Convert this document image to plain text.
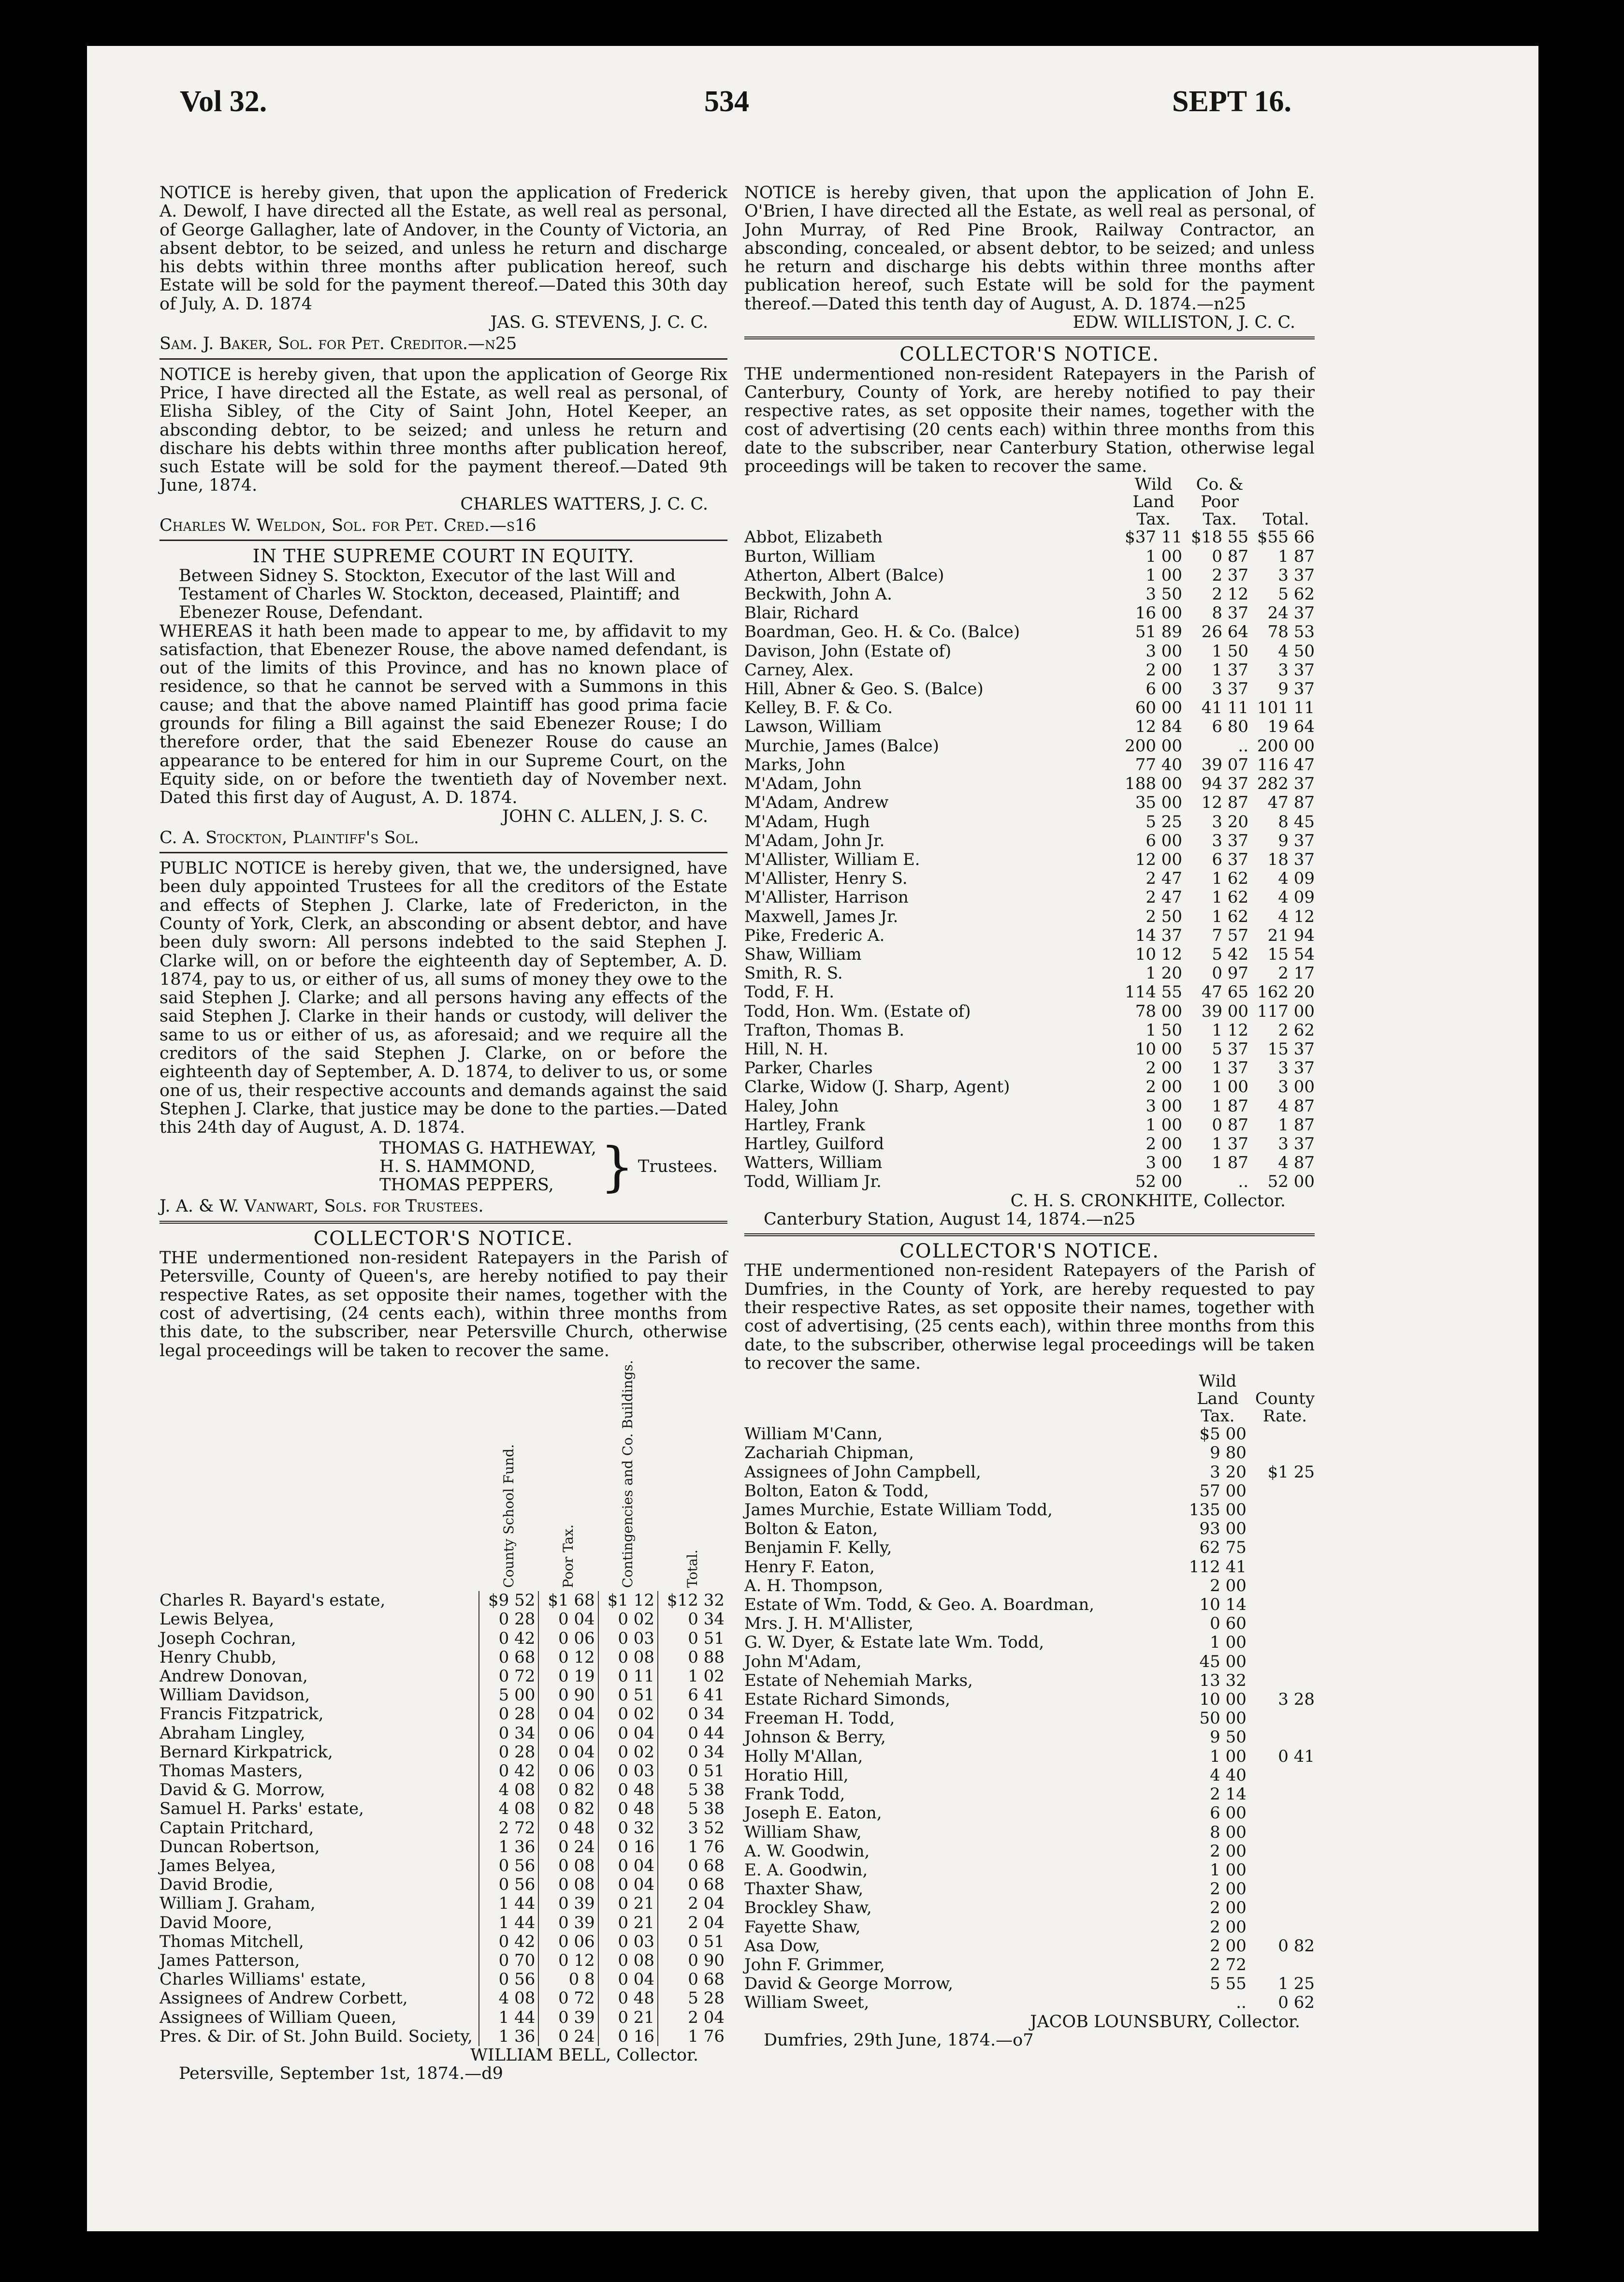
Vol 32.	534	SEPT 16.

NOTICE is hereby given, that upon the application of Frederick A. Dewolf, I have directed all the Estate, as well real as personal, of George Gallagher, late of Andover, in the County of Victoria, an absent debtor, to be seized, and unless he return and discharge his debts within three months after publication hereof, such Estate will be sold for the payment thereof.—Dated this 30th day of July, A. D. 1874

JAS. G. STEVENS, J. C. C.

Sam. J. Baker, Sol. for Pet. Creditor.—n25

NOTICE is hereby given, that upon the application of George Rix Price, I have directed all the Estate, as well real as personal, of Elisha Sibley, of the City of Saint John, Hotel Keeper, an absconding debtor, to be seized; and unless he return and dischare his debts within three months after publication hereof, such Estate will be sold for the payment thereof.—Dated 9th June, 1874.

CHARLES WATTERS, J. C. C.

Charles W. Weldon, Sol. for Pet. Cred.—s16

IN THE SUPREME COURT IN EQUITY.

Between Sidney S. Stockton, Executor of the last Will and Testament of Charles W. Stockton, deceased, Plaintiff; and Ebenezer Rouse, Defendant.

WHEREAS it hath been made to appear to me, by affidavit to my satisfaction, that Ebenezer Rouse, the above named defendant, is out of the limits of this Province, and has no known place of residence, so that he cannot be served with a Summons in this cause; and that the above named Plaintiff has good prima facie grounds for filing a Bill against the said Ebenezer Rouse; I do therefore order, that the said Ebenezer Rouse do cause an appearance to be entered for him in our Supreme Court, on the Equity side, on or before the twentieth day of November next. Dated this first day of August, A. D. 1874.

JOHN C. ALLEN, J. S. C.

C. A. Stockton, Plaintiff's Sol.

PUBLIC NOTICE is hereby given, that we, the undersigned, have been duly appointed Trustees for all the creditors of the Estate and effects of Stephen J. Clarke, late of Fredericton, in the County of York, Clerk, an absconding or absent debtor, and have been duly sworn: All persons indebted to the said Stephen J. Clarke will, on or before the eighteenth day of September, A. D. 1874, pay to us, or either of us, all sums of money they owe to the said Stephen J. Clarke; and all persons having any effects of the said Stephen J. Clarke in their hands or custody, will deliver the same to us or either of us, as aforesaid; and we require all the creditors of the said Stephen J. Clarke, on or before the eighteenth day of September, A. D. 1874, to deliver to us, or some one of us, their respective accounts and demands against the said Stephen J. Clarke, that justice may be done to the parties.—Dated this 24th day of August, A. D. 1874.

THOMAS G. HATHEWAY,
H. S. HAMMOND,
THOMAS PEPPERS, } Trustees.

J. A. & W. Vanwart, Sols. for Trustees.

COLLECTOR'S NOTICE.

THE undermentioned non-resident Ratepayers in the Parish of Petersville, County of Queen's, are hereby notified to pay their respective Rates, as set opposite their names, together with the cost of advertising, (24 cents each), within three months from this date, to the subscriber, near Petersville Church, otherwise legal proceedings will be taken to recover the same.

	County School Fund.	Poor Tax.	Contingencies and Co. Buildings.	Total.
Charles R. Bayard's estate,	$9 52	$1 68	$1 12	$12 32
Lewis Belyea,	0 28	0 04	0 02	0 34
Joseph Cochran,	0 42	0 06	0 03	0 51
Henry Chubb,	0 68	0 12	0 08	0 88
Andrew Donovan,	0 72	0 19	0 11	1 02
William Davidson,	5 00	0 90	0 51	6 41
Francis Fitzpatrick,	0 28	0 04	0 02	0 34
Abraham Lingley,	0 34	0 06	0 04	0 44
Bernard Kirkpatrick,	0 28	0 04	0 02	0 34
Thomas Masters,	0 42	0 06	0 03	0 51
David & G. Morrow,	4 08	0 82	0 48	5 38
Samuel H. Parks' estate,	4 08	0 82	0 48	5 38
Captain Pritchard,	2 72	0 48	0 32	3 52
Duncan Robertson,	1 36	0 24	0 16	1 76
James Belyea,	0 56	0 08	0 04	0 68
David Brodie,	0 56	0 08	0 04	0 68
William J. Graham,	1 44	0 39	0 21	2 04
David Moore,	1 44	0 39	0 21	2 04
Thomas Mitchell,	0 42	0 06	0 03	0 51
James Patterson,	0 70	0 12	0 08	0 90
Charles Williams' estate,	0 56	0 8	0 04	0 68
Assignees of Andrew Corbett,	4 08	0 72	0 48	5 28
Assignees of William Queen,	1 44	0 39	0 21	2 04
Pres. & Dir. of St. John Build. Society,	1 36	0 24	0 16	1 76

WILLIAM BELL, Collector.

Petersville, September 1st, 1874.—d9

NOTICE is hereby given, that upon the application of John E. O'Brien, I have directed all the Estate, as well real as personal, of John Murray, of Red Pine Brook, Railway Contractor, an absconding, concealed, or absent debtor, to be seized; and unless he return and discharge his debts within three months after publication hereof, such Estate will be sold for the payment thereof.—Dated this tenth day of August, A. D. 1874.—n25

EDW. WILLISTON, J. C. C.

COLLECTOR'S NOTICE.

THE undermentioned non-resident Ratepayers in the Parish of Canterbury, County of York, are hereby notified to pay their respective rates, as set opposite their names, together with the cost of advertising (20 cents each) within three months from this date to the subscriber, near Canterbury Station, otherwise legal proceedings will be taken to recover the same.

	Wild Land Tax.	Co. & Poor Tax.	Total.
Abbot, Elizabeth	$37 11	$18 55	$55 66
Burton, William	1 00	0 87	1 87
Atherton, Albert (Balce)	1 00	2 37	3 37
Beckwith, John A.	3 50	2 12	5 62
Blair, Richard	16 00	8 37	24 37
Boardman, Geo. H. & Co. (Balce)	51 89	26 64	78 53
Davison, John (Estate of)	3 00	1 50	4 50
Carney, Alex.	2 00	1 37	3 37
Hill, Abner & Geo. S. (Balce)	6 00	3 37	9 37
Kelley, B. F. & Co.	60 00	41 11	101 11
Lawson, William	12 84	6 80	19 64
Murchie, James (Balce)	200 00	..	200 00
Marks, John	77 40	39 07	116 47
M'Adam, John	188 00	94 37	282 37
M'Adam, Andrew	35 00	12 87	47 87
M'Adam, Hugh	5 25	3 20	8 45
M'Adam, John Jr.	6 00	3 37	9 37
M'Allister, William E.	12 00	6 37	18 37
M'Allister, Henry S.	2 47	1 62	4 09
M'Allister, Harrison	2 47	1 62	4 09
Maxwell, James Jr.	2 50	1 62	4 12
Pike, Frederic A.	14 37	7 57	21 94
Shaw, William	10 12	5 42	15 54
Smith, R. S.	1 20	0 97	2 17
Todd, F. H.	114 55	47 65	162 20
Todd, Hon. Wm. (Estate of)	78 00	39 00	117 00
Trafton, Thomas B.	1 50	1 12	2 62
Hill, N. H.	10 00	5 37	15 37
Parker, Charles	2 00	1 37	3 37
Clarke, Widow (J. Sharp, Agent)	2 00	1 00	3 00
Haley, John	3 00	1 87	4 87
Hartley, Frank	1 00	0 87	1 87
Hartley, Guilford	2 00	1 37	3 37
Watters, William	3 00	1 87	4 87
Todd, William Jr.	52 00	..	52 00

C. H. S. CRONKHITE, Collector.

Canterbury Station, August 14, 1874.—n25

COLLECTOR'S NOTICE.

THE undermentioned non-resident Ratepayers of the Parish of Dumfries, in the County of York, are hereby requested to pay their respective Rates, as set opposite their names, together with cost of advertising, (25 cents each), within three months from this date, to the subscriber, otherwise legal proceedings will be taken to recover the same.

	Wild Land Tax.	County Rate.
William M'Cann,	$5 00	
Zachariah Chipman,	9 80	
Assignees of John Campbell,	3 20	$1 25
Bolton, Eaton & Todd,	57 00	
James Murchie, Estate William Todd,	135 00	
Bolton & Eaton,	93 00	
Benjamin F. Kelly,	62 75	
Henry F. Eaton,	112 41	
A. H. Thompson,	2 00	
Estate of Wm. Todd, & Geo. A. Boardman,	10 14	
Mrs. J. H. M'Allister,	0 60	
G. W. Dyer, & Estate late Wm. Todd,	1 00	
John M'Adam,	45 00	
Estate of Nehemiah Marks,	13 32	
Estate Richard Simonds,	10 00	3 28
Freeman H. Todd,	50 00	
Johnson & Berry,	9 50	
Holly M'Allan,	1 00	0 41
Horatio Hill,	4 40	
Frank Todd,	2 14	
Joseph E. Eaton,	6 00	
William Shaw,	8 00	
A. W. Goodwin,	2 00	
E. A. Goodwin,	1 00	
Thaxter Shaw,	2 00	
Brockley Shaw,	2 00	
Fayette Shaw,	2 00	
Asa Dow,	2 00	0 82
John F. Grimmer,	2 72	
David & George Morrow,	5 55	1 25
William Sweet,	..	0 62

JACOB LOUNSBURY, Collector.

Dumfries, 29th June, 1874.—o7
